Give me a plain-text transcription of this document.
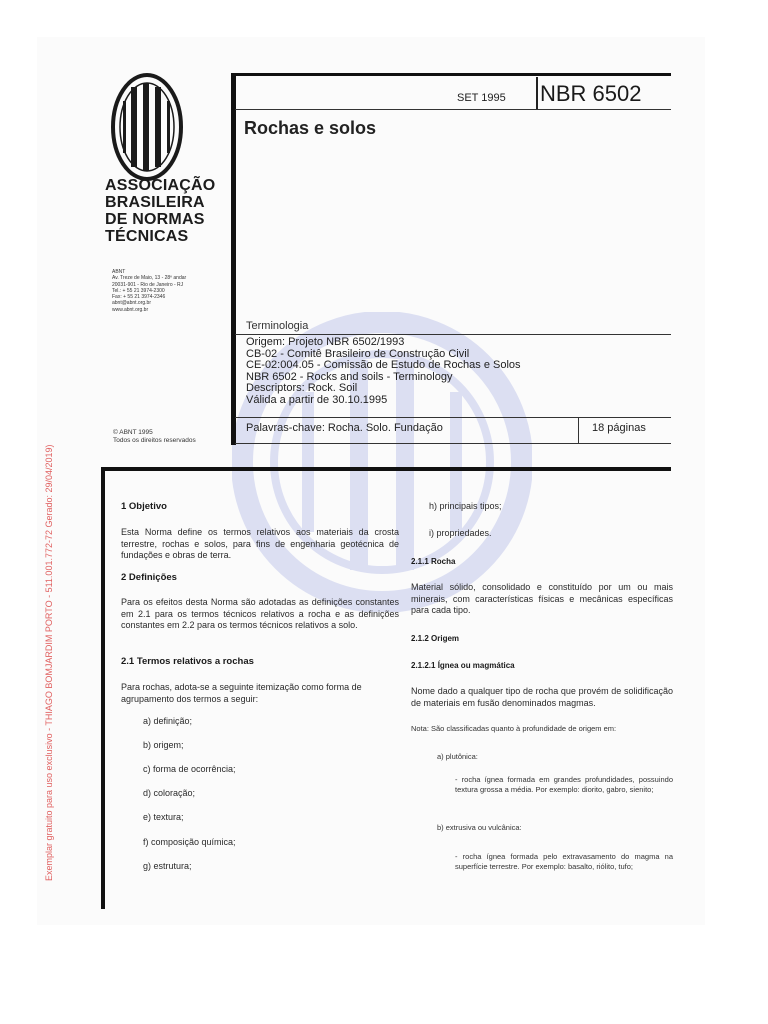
ASSOCIAÇÃO
BRASILEIRA
DE NORMAS
TÉCNICAS
ABNT
Av. Treze de Maio, 13 - 28º andar
20031-901 - Rio de Janeiro - RJ
Tel.: + 55 21 3974-2300
Fax: + 55 21 3974-2346
abnt@abnt.org.br
www.abnt.org.br
© ABNT 1995
Todos os direitos reservados
SET 1995 NBR 6502
Rochas e solos
Terminologia
Origem: Projeto NBR 6502/1993
CB-02 - Comitê Brasileiro de Construção Civil
CE-02:004.05 - Comissão de Estudo de Rochas e Solos
NBR 6502 - Rocks and soils - Terminology
Descriptors: Rock. Soil
Válida a partir de 30.10.1995
Palavras-chave: Rocha. Solo. Fundação	18 páginas
1 Objetivo
Esta Norma define os termos relativos aos materiais da crosta terrestre, rochas e solos, para fins de engenharia geotécnica de fundações e obras de terra.
2 Definições
Para os efeitos desta Norma são adotadas as definições constantes em 2.1 para os termos técnicos relativos a rocha e as definições constantes em 2.2 para os termos técnicos relativos a solo.
2.1 Termos relativos a rochas
Para rochas, adota-se a seguinte itemização como forma de agrupamento dos termos a seguir:
a) definição;
b) origem;
c) forma de ocorrência;
d) coloração;
e) textura;
f) composição química;
g) estrutura;
h) principais tipos;
i) propriedades.
2.1.1 Rocha
Material sólido, consolidado e constituído por um ou mais minerais, com características físicas e mecânicas específicas para cada tipo.
2.1.2 Origem
2.1.2.1 Ígnea ou magmática
Nome dado a qualquer tipo de rocha que provém de solidificação de materiais em fusão denominados magmas.
Nota: São classificadas quanto à profundidade de origem em:
a) plutônica:
- rocha ígnea formada em grandes profundidades, possuindo textura grossa a média. Por exemplo: diorito, gabro, sienito;
b) extrusiva ou vulcânica:
- rocha ígnea formada pelo extravasamento do magma na superfície terrestre. Por exemplo: basalto, riólito, tufo;
Exemplar gratuito para uso exclusivo - THIAGO BOMJARDIM PORTO - 511.001.772-72 Gerado: 29/04/2019)
